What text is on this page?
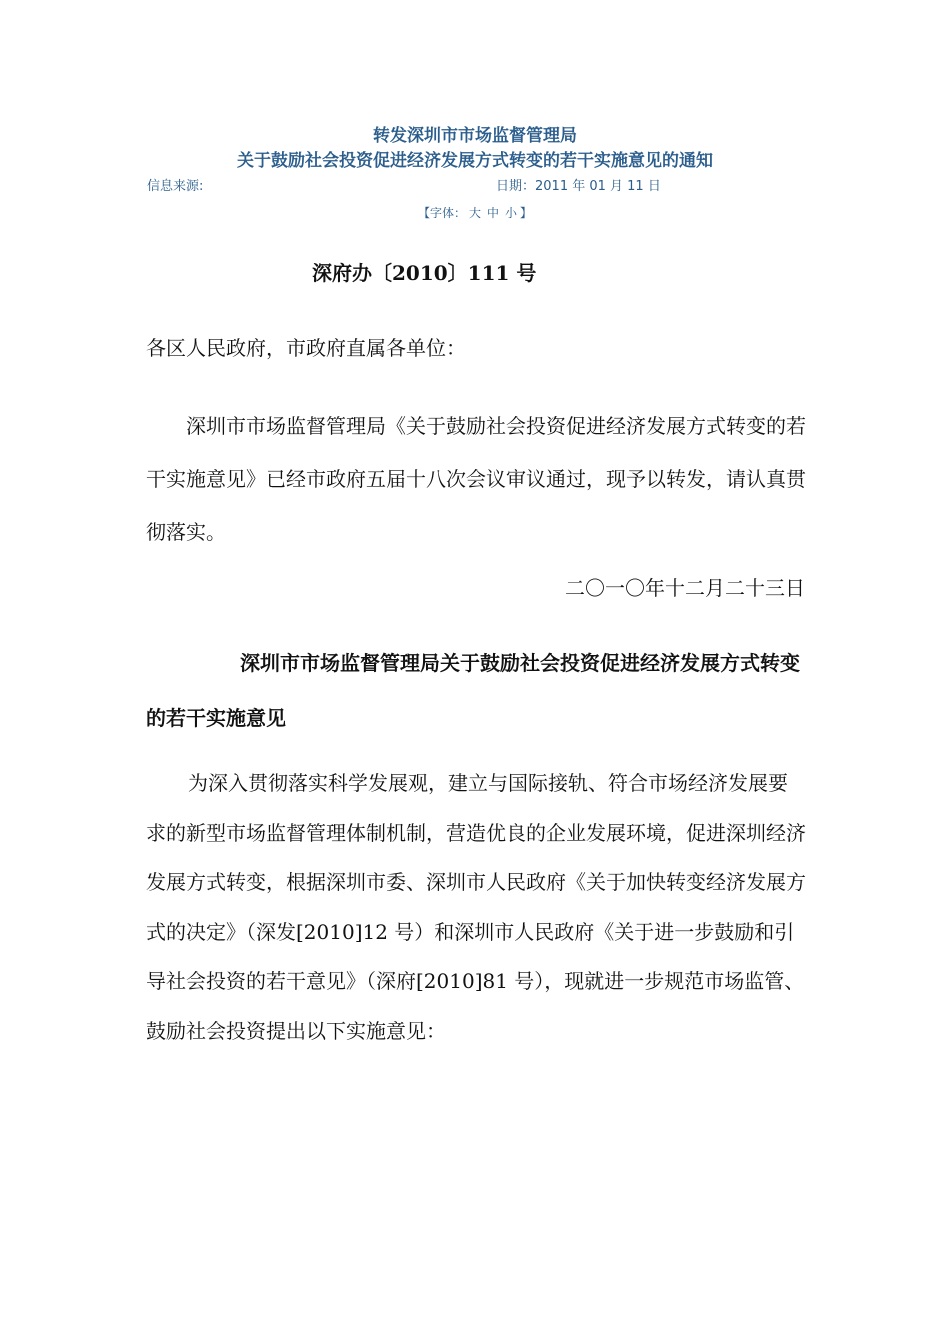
转发深圳市市场监督管理局
关于鼓励社会投资促进经济发展方式转变的若干实施意见的通知
信息来源:	日期：2011 年 01 月 11 日
【字体： 大 中 小 】
深府办〔2010〕111 号
各区人民政府，市政府直属各单位：
深圳市市场监督管理局《关于鼓励社会投资促进经济发展方式转变的若干实施意见》已经市政府五届十八次会议审议通过，现予以转发，请认真贯彻落实。
二〇一〇年十二月二十三日
深圳市市场监督管理局关于鼓励社会投资促进经济发展方式转变的若干实施意见
为深入贯彻落实科学发展观，建立与国际接轨、符合市场经济发展要求的新型市场监督管理体制机制，营造优良的企业发展环境，促进深圳经济发展方式转变，根据深圳市委、深圳市人民政府《关于加快转变经济发展方式的决定》（深发[2010]12 号）和深圳市人民政府《关于进一步鼓励和引导社会投资的若干意见》（深府[2010]81 号），现就进一步规范市场监管、鼓励社会投资提出以下实施意见：
